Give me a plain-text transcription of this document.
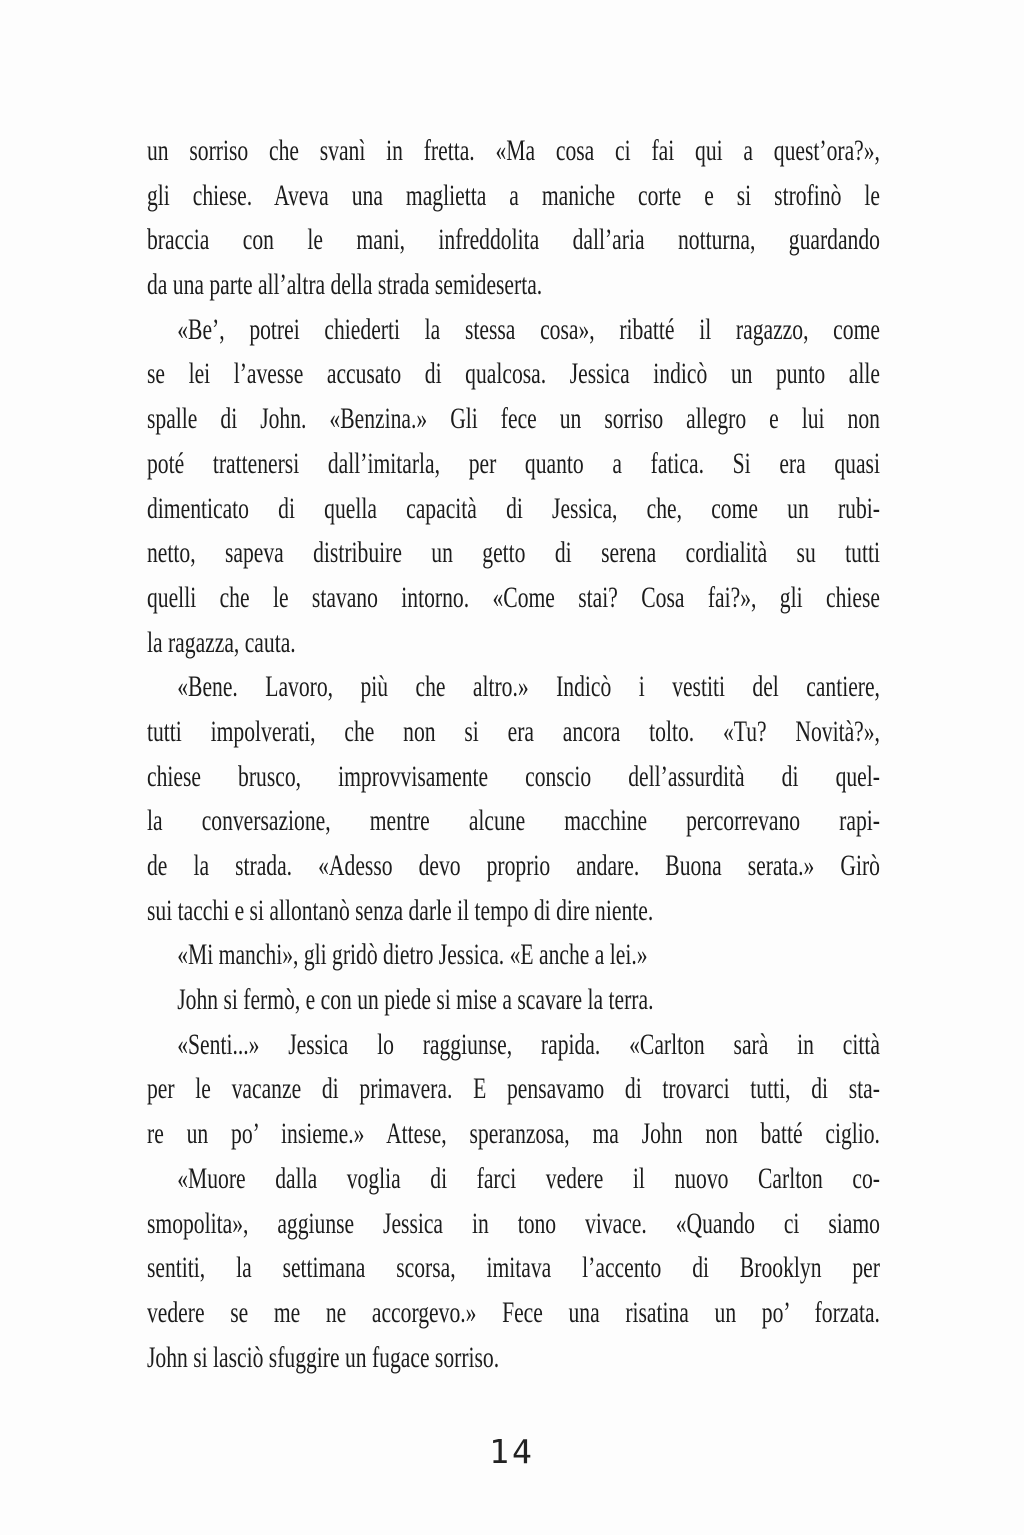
un sorriso che svanì in fretta. «Ma cosa ci fai qui a quest’ora?»,
gli chiese. Aveva una maglietta a maniche corte e si strofinò le
braccia con le mani, infreddolita dall’aria notturna, guardando
da una parte all’altra della strada semideserta.
«Be’, potrei chiederti la stessa cosa», ribatté il ragazzo, come
se lei l’avesse accusato di qualcosa. Jessica indicò un punto alle
spalle di John. «Benzina.» Gli fece un sorriso allegro e lui non
poté trattenersi dall’imitarla, per quanto a fatica. Si era quasi
dimenticato di quella capacità di Jessica, che, come un rubi-
netto, sapeva distribuire un getto di serena cordialità su tutti
quelli che le stavano intorno. «Come stai? Cosa fai?», gli chiese
la ragazza, cauta.
«Bene. Lavoro, più che altro.» Indicò i vestiti del cantiere,
tutti impolverati, che non si era ancora tolto. «Tu? Novità?»,
chiese brusco, improvvisamente conscio dell’assurdità di quel-
la conversazione, mentre alcune macchine percorrevano rapi-
de la strada. «Adesso devo proprio andare. Buona serata.» Girò
sui tacchi e si allontanò senza darle il tempo di dire niente.
«Mi manchi», gli gridò dietro Jessica. «E anche a lei.»
John si fermò, e con un piede si mise a scavare la terra.
«Senti...» Jessica lo raggiunse, rapida. «Carlton sarà in città
per le vacanze di primavera. E pensavamo di trovarci tutti, di sta-
re un po’ insieme.» Attese, speranzosa, ma John non batté ciglio.
«Muore dalla voglia di farci vedere il nuovo Carlton co-
smopolita», aggiunse Jessica in tono vivace. «Quando ci siamo
sentiti, la settimana scorsa, imitava l’accento di Brooklyn per
vedere se me ne accorgevo.» Fece una risatina un po’ forzata.
John si lasciò sfuggire un fugace sorriso.
14
